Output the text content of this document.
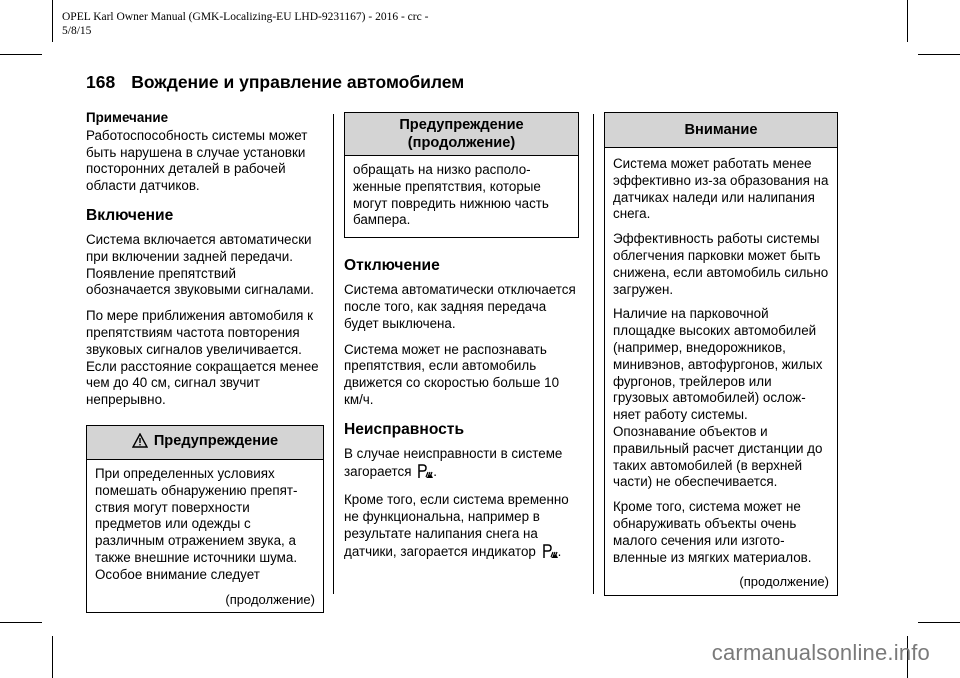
OPEL Karl Owner Manual (GMK-Localizing-EU LHD-9231167) - 2016 - crc -
5/8/15
168 Вождение и управление автомобилем
Примечание

Работоспособность системы может быть нарушена в случае установки посторонних деталей в рабочей области датчиков.

Включение

Система включается автоматически при включении задней передачи. Появление препятствий обозначается звуковыми сигналами.

По мере приближения автомобиля к препятствиям частота повторения звуковых сигналов увеличивается. Если расстояние сокращается менее чем до 40 см, сигнал звучит непрерывно.

Предупреждение

При определенных условиях помешать обнаружению препятствия могут поверхности предметов или одежды с различным отражением звука, а также внешние источники шума. Особое внимание следует

(продолжение)
Предупреждение (продолжение)

обращать на низко расположенные препятствия, которые могут повредить нижнюю часть бампера.

Отключение

Система автоматически отключается после того, как задняя передача будет выключена.

Система может не распознавать препятствия, если автомобиль движется со скоростью больше 10 км/ч.

Неисправность

В случае неисправности в системе загорается .

Кроме того, если система временно не функциональна, например в результате налипания снега на датчики, загорается индикатор .

Внимание

Система может работать менее эффективно из-за образования на датчиках наледи или налипания снега.

Эффективность работы системы облегчения парковки может быть снижена, если автомобиль сильно загружен.

Наличие на парковочной площадке высоких автомобилей (например, внедорожников, минивэнов, автофургонов, жилых фургонов, трейлеров или грузовых автомобилей) осложняет работу системы. Опознавание объектов и правильный расчет дистанции до таких автомобилей (в верхней части) не обеспечивается.

Кроме того, система может не обнаруживать объекты очень малого сечения или изготовленные из мягких материалов.

(продолжение)
carmanualsonline.info
